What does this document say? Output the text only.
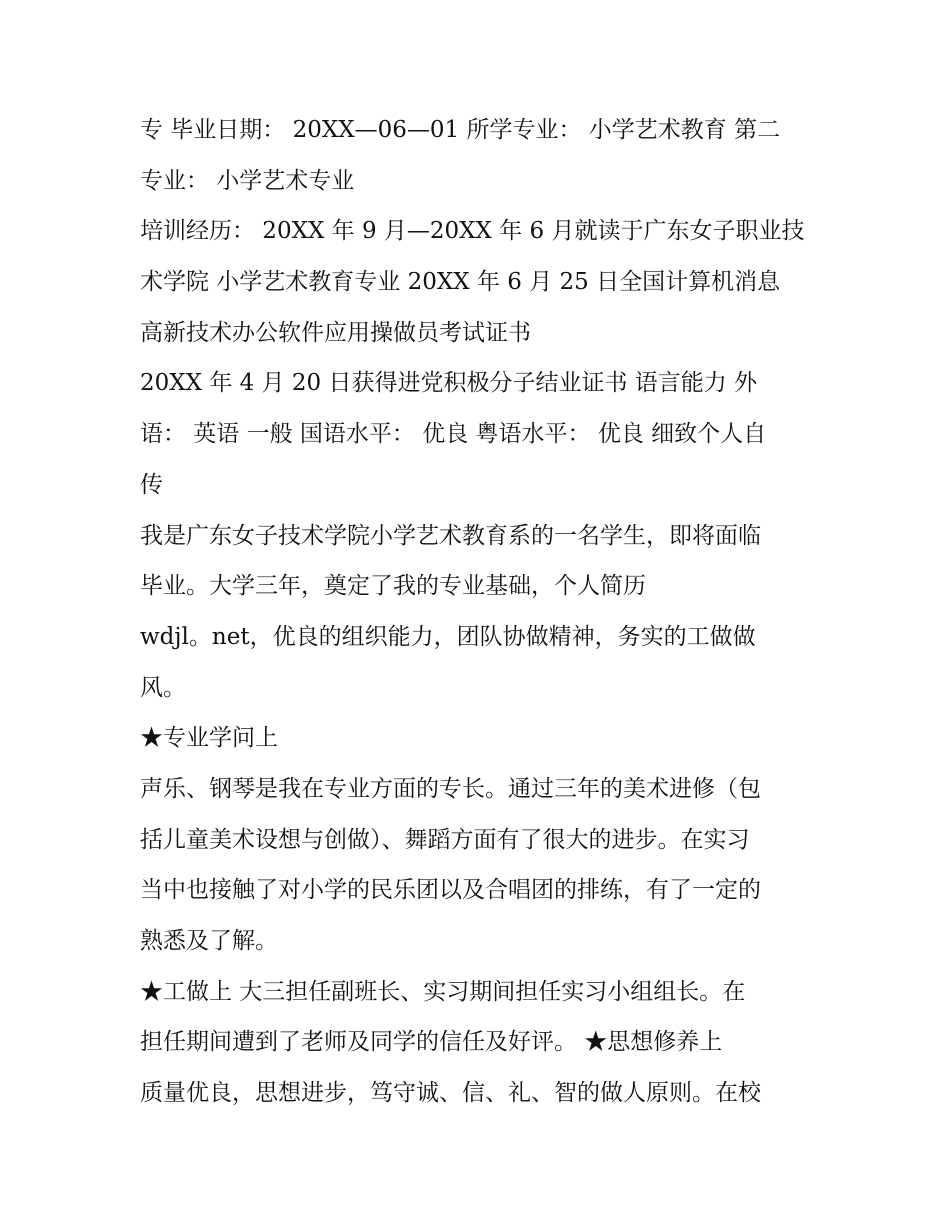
专 毕业日期： 20XX—06—01 所学专业： 小学艺术教育 第二
专业： 小学艺术专业
培训经历： 20XX 年 9 月—20XX 年 6 月就读于广东女子职业技
术学院 小学艺术教育专业 20XX 年 6 月 25 日全国计算机消息
高新技术办公软件应用操做员考试证书
20XX 年 4 月 20 日获得进党积极分子结业证书 语言能力 外
语： 英语 一般 国语水平： 优良 粤语水平： 优良 细致个人自
传
我是广东女子技术学院小学艺术教育系的一名学生，即将面临
毕业。大学三年，奠定了我的专业基础，个人简历
wdjl。net，优良的组织能力，团队协做精神，务实的工做做
风。
★专业学问上
声乐、钢琴是我在专业方面的专长。通过三年的美术进修（包
括儿童美术设想与创做）、舞蹈方面有了很大的进步。在实习
当中也接触了对小学的民乐团以及合唱团的排练，有了一定的
熟悉及了解。
★工做上 大三担任副班长、实习期间担任实习小组组长。在
担任期间遭到了老师及同学的信任及好评。 ★思想修养上
质量优良，思想进步，笃守诚、信、礼、智的做人原则。在校
